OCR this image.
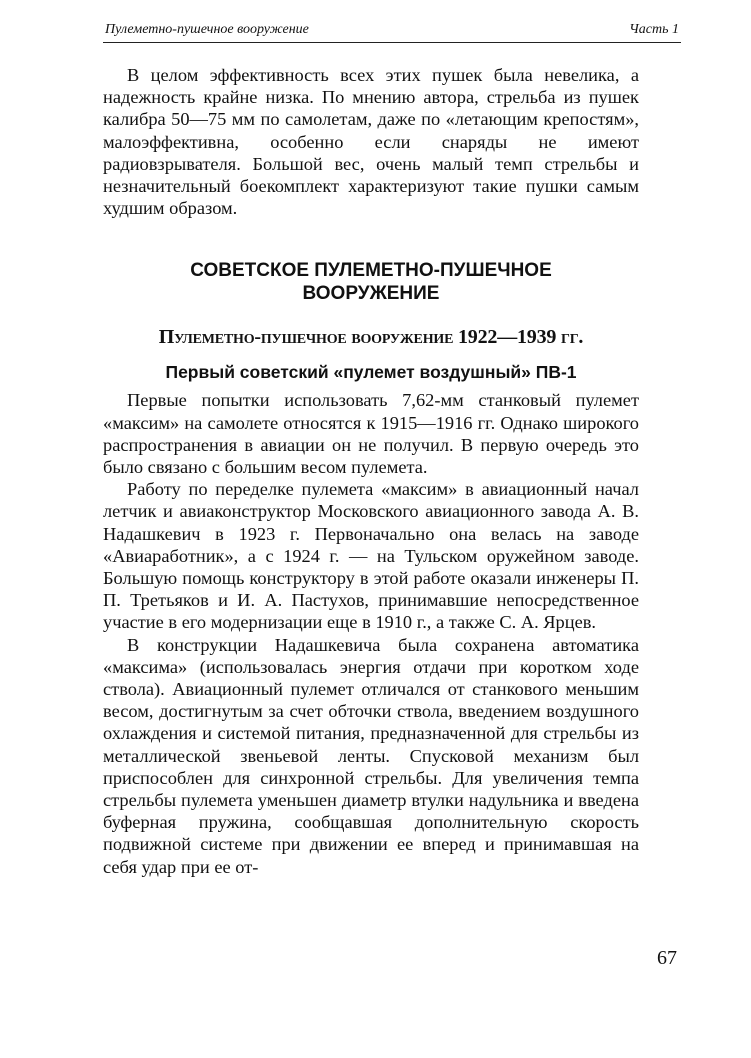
Пулеметно-пушечное вооружение	Часть 1

В целом эффективность всех этих пушек была невелика, а надежность крайне низка. По мнению автора, стрельба из пушек калибра 50—75 мм по самолетам, даже по «летающим крепостям», малоэффективна, особенно если снаряды не имеют радиовзрывателя. Большой вес, очень малый темп стрельбы и незначительный боекомплект характеризуют такие пушки самым худшим образом.

СОВЕТСКОЕ ПУЛЕМЕТНО-ПУШЕЧНОЕ
ВООРУЖЕНИЕ
Пулеметно-пушечное вооружение 1922—1939 гг.
Первый советский «пулемет воздушный» ПВ-1

Первые попытки использовать 7,62-мм станковый пулемет «максим» на самолете относятся к 1915—1916 гг. Однако широкого распространения в авиации он не получил. В первую очередь это было связано с большим весом пулемета.

Работу по переделке пулемета «максим» в авиационный начал летчик и авиаконструктор Московского авиационного завода А. В. Надашкевич в 1923 г. Первоначально она велась на заводе «Авиаработник», а с 1924 г. — на Тульском оружейном заводе. Большую помощь конструктору в этой работе оказали инженеры П. П. Третьяков и И. А. Пастухов, принимавшие непосредственное участие в его модернизации еще в 1910 г., а также С. А. Ярцев.

В конструкции Надашкевича была сохранена автоматика «максима» (использовалась энергия отдачи при коротком ходе ствола). Авиационный пулемет отличался от станкового меньшим весом, достигнутым за счет обточки ствола, введением воздушного охлаждения и системой питания, предназначенной для стрельбы из металлической звеньевой ленты. Спусковой механизм был приспособлен для синхронной стрельбы. Для увеличения темпа стрельбы пулемета уменьшен диаметр втулки надульника и введена буферная пружина, сообщавшая дополнительную скорость подвижной системе при движении ее вперед и принимавшая на себя удар при ее от-

67
